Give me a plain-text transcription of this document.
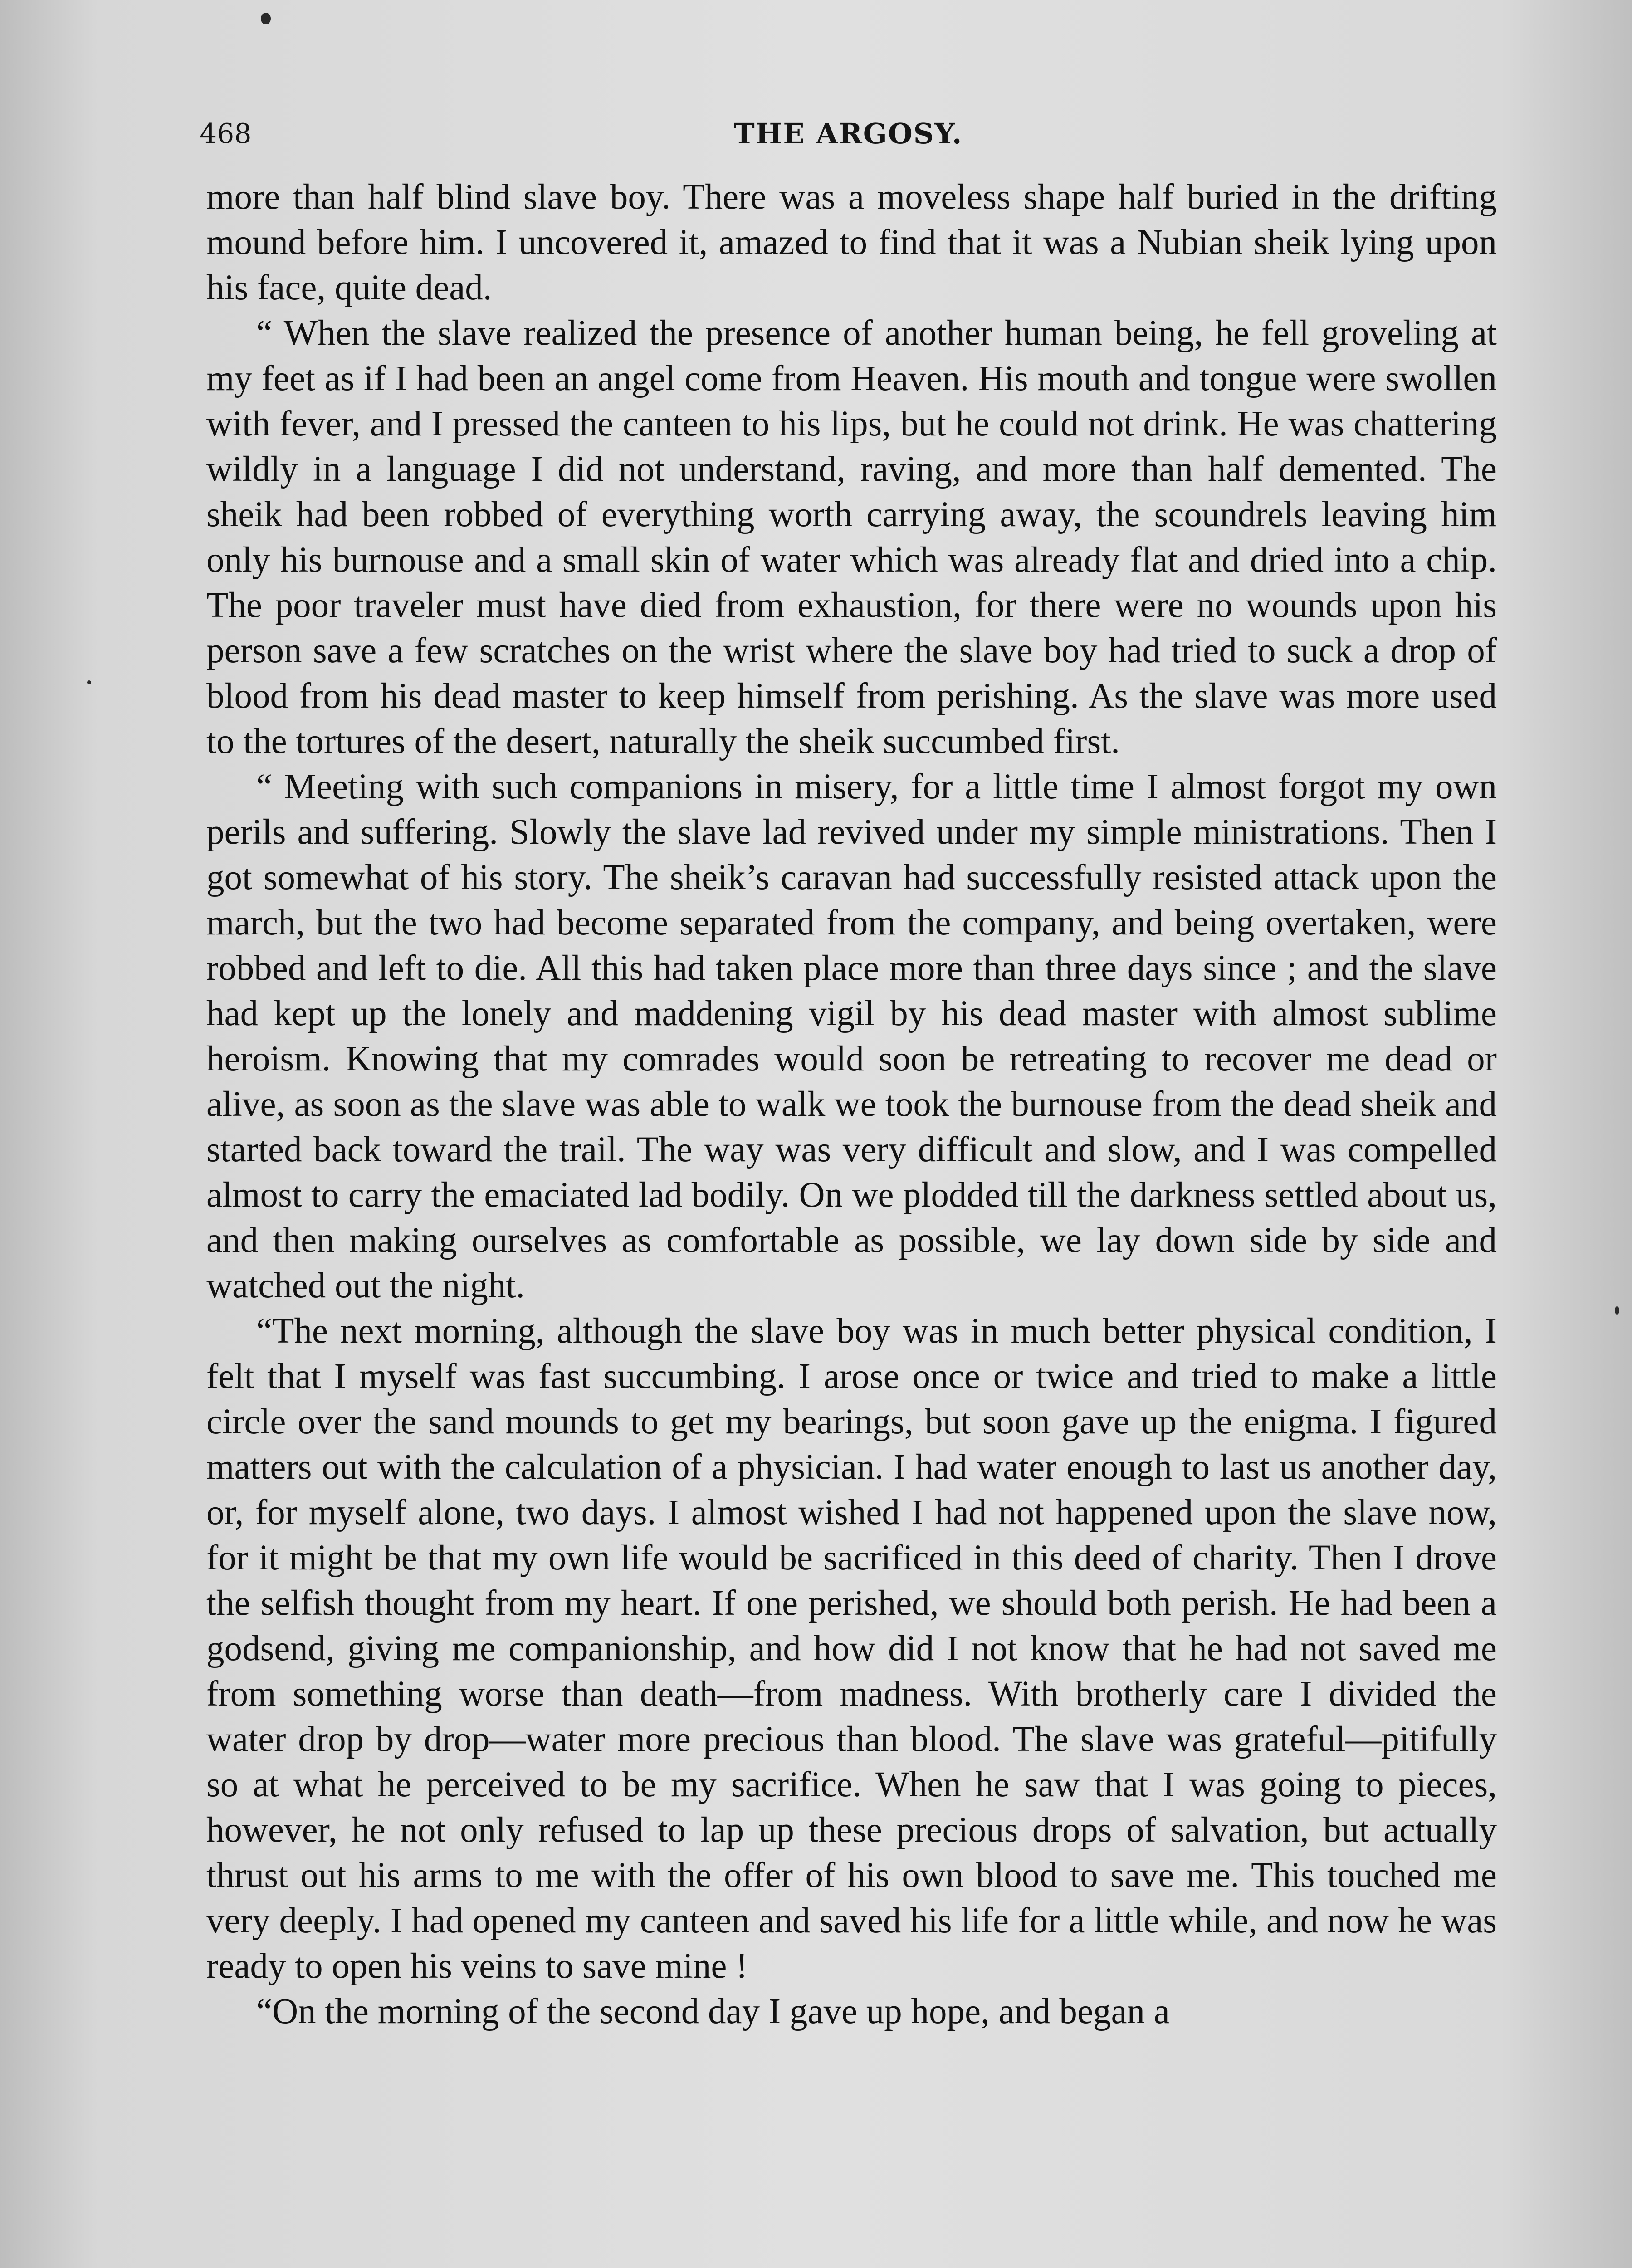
468	THE ARGOSY.

more than half blind slave boy. There was a moveless shape half buried in the drifting mound before him. I uncovered it, amazed to find that it was a Nubian sheik lying upon his face, quite dead.

“ When the slave realized the presence of another human being, he fell groveling at my feet as if I had been an angel come from Heaven. His mouth and tongue were swollen with fever, and I pressed the canteen to his lips, but he could not drink. He was chattering wildly in a language I did not understand, raving, and more than half demented. The sheik had been robbed of everything worth carrying away, the scoundrels leaving him only his burnouse and a small skin of water which was already flat and dried into a chip. The poor traveler must have died from exhaustion, for there were no wounds upon his person save a few scratches on the wrist where the slave boy had tried to suck a drop of blood from his dead master to keep himself from perishing. As the slave was more used to the tortures of the desert, naturally the sheik succumbed first.

“ Meeting with such companions in misery, for a little time I almost forgot my own perils and suffering. Slowly the slave lad revived under my simple ministrations. Then I got somewhat of his story. The sheik’s caravan had successfully resisted attack upon the march, but the two had become separated from the company, and being overtaken, were robbed and left to die. All this had taken place more than three days since ; and the slave had kept up the lonely and maddening vigil by his dead master with almost sublime heroism. Knowing that my comrades would soon be retreating to recover me dead or alive, as soon as the slave was able to walk we took the burnouse from the dead sheik and started back toward the trail. The way was very difficult and slow, and I was compelled almost to carry the emaciated lad bodily. On we plodded till the darkness settled about us, and then making ourselves as comfortable as possible, we lay down side by side and watched out the night.

“The next morning, although the slave boy was in much better physical condition, I felt that I myself was fast succumbing. I arose once or twice and tried to make a little circle over the sand mounds to get my bearings, but soon gave up the enigma. I figured matters out with the calculation of a physician. I had water enough to last us another day, or, for myself alone, two days. I almost wished I had not happened upon the slave now, for it might be that my own life would be sacrificed in this deed of charity. Then I drove the selfish thought from my heart. If one perished, we should both perish. He had been a godsend, giving me companionship, and how did I not know that he had not saved me from something worse than death—from madness. With brotherly care I divided the water drop by drop—water more precious than blood. The slave was grateful—pitifully so at what he perceived to be my sacrifice. When he saw that I was going to pieces, however, he not only refused to lap up these precious drops of salvation, but actually thrust out his arms to me with the offer of his own blood to save me. This touched me very deeply. I had opened my canteen and saved his life for a little while, and now he was ready to open his veins to save mine !

“On the morning of the second day I gave up hope, and began a
